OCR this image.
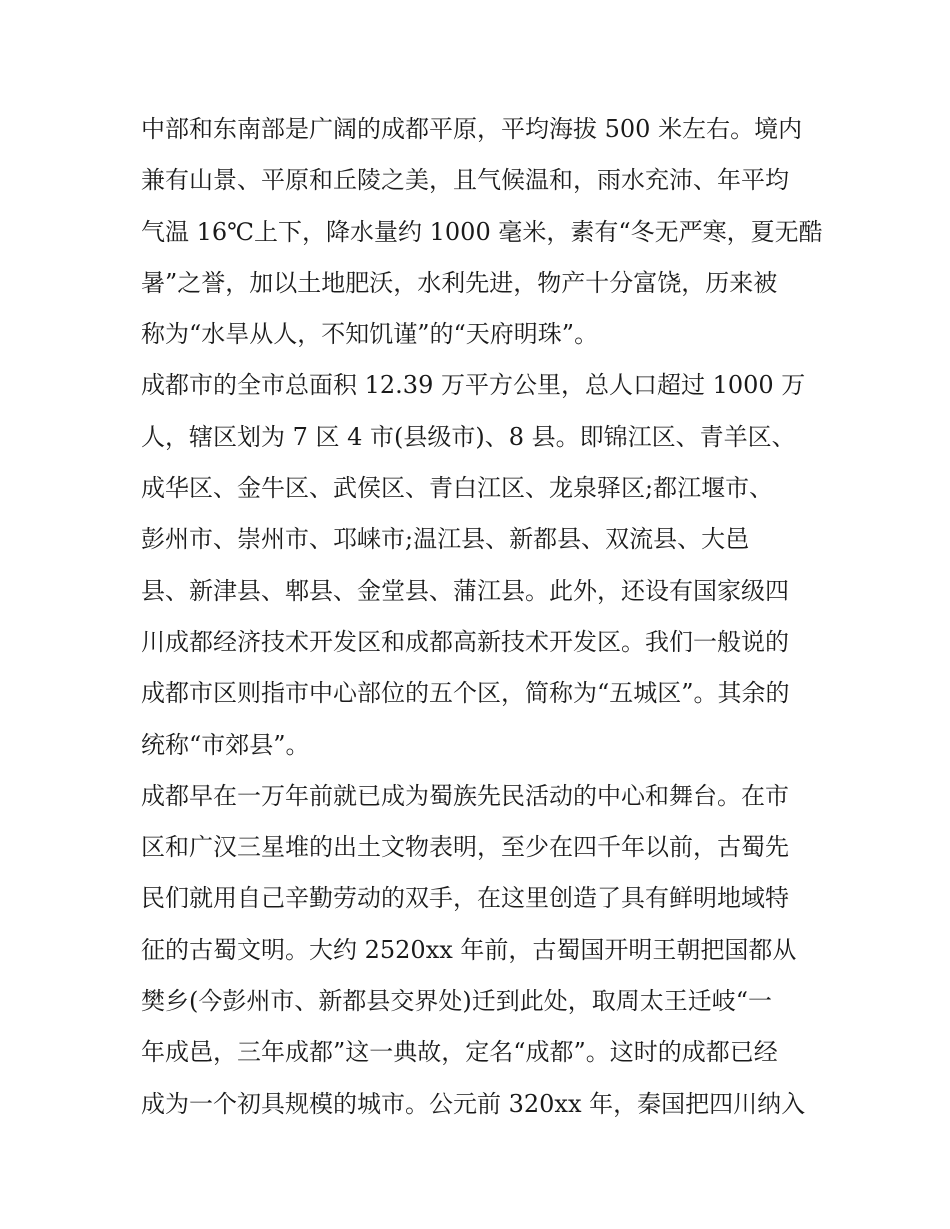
中部和东南部是广阔的成都平原，平均海拔 500 米左右。境内
兼有山景、平原和丘陵之美，且气候温和，雨水充沛、年平均
气温 16℃上下，降水量约 1000 毫米，素有“冬无严寒，夏无酷
暑”之誉，加以土地肥沃，水利先进，物产十分富饶，历来被
称为“水旱从人，不知饥谨”的“天府明珠”。
成都市的全市总面积 12.39 万平方公里，总人口超过 1000 万
人，辖区划为 7 区 4 市(县级市)、8 县。即锦江区、青羊区、
成华区、金牛区、武侯区、青白江区、龙泉驿区;都江堰市、
彭州市、崇州市、邛崃市;温江县、新都县、双流县、大邑
县、新津县、郫县、金堂县、蒲江县。此外，还设有国家级四
川成都经济技术开发区和成都高新技术开发区。我们一般说的
成都市区则指市中心部位的五个区，简称为“五城区”。其余的
统称“市郊县”。
成都早在一万年前就已成为蜀族先民活动的中心和舞台。在市
区和广汉三星堆的出土文物表明，至少在四千年以前，古蜀先
民们就用自己辛勤劳动的双手，在这里创造了具有鲜明地域特
征的古蜀文明。大约 2520xx 年前，古蜀国开明王朝把国都从
樊乡(今彭州市、新都县交界处)迁到此处，取周太王迁岐“一
年成邑，三年成都”这一典故，定名“成都”。这时的成都已经
成为一个初具规模的城市。公元前 320xx 年，秦国把四川纳入
